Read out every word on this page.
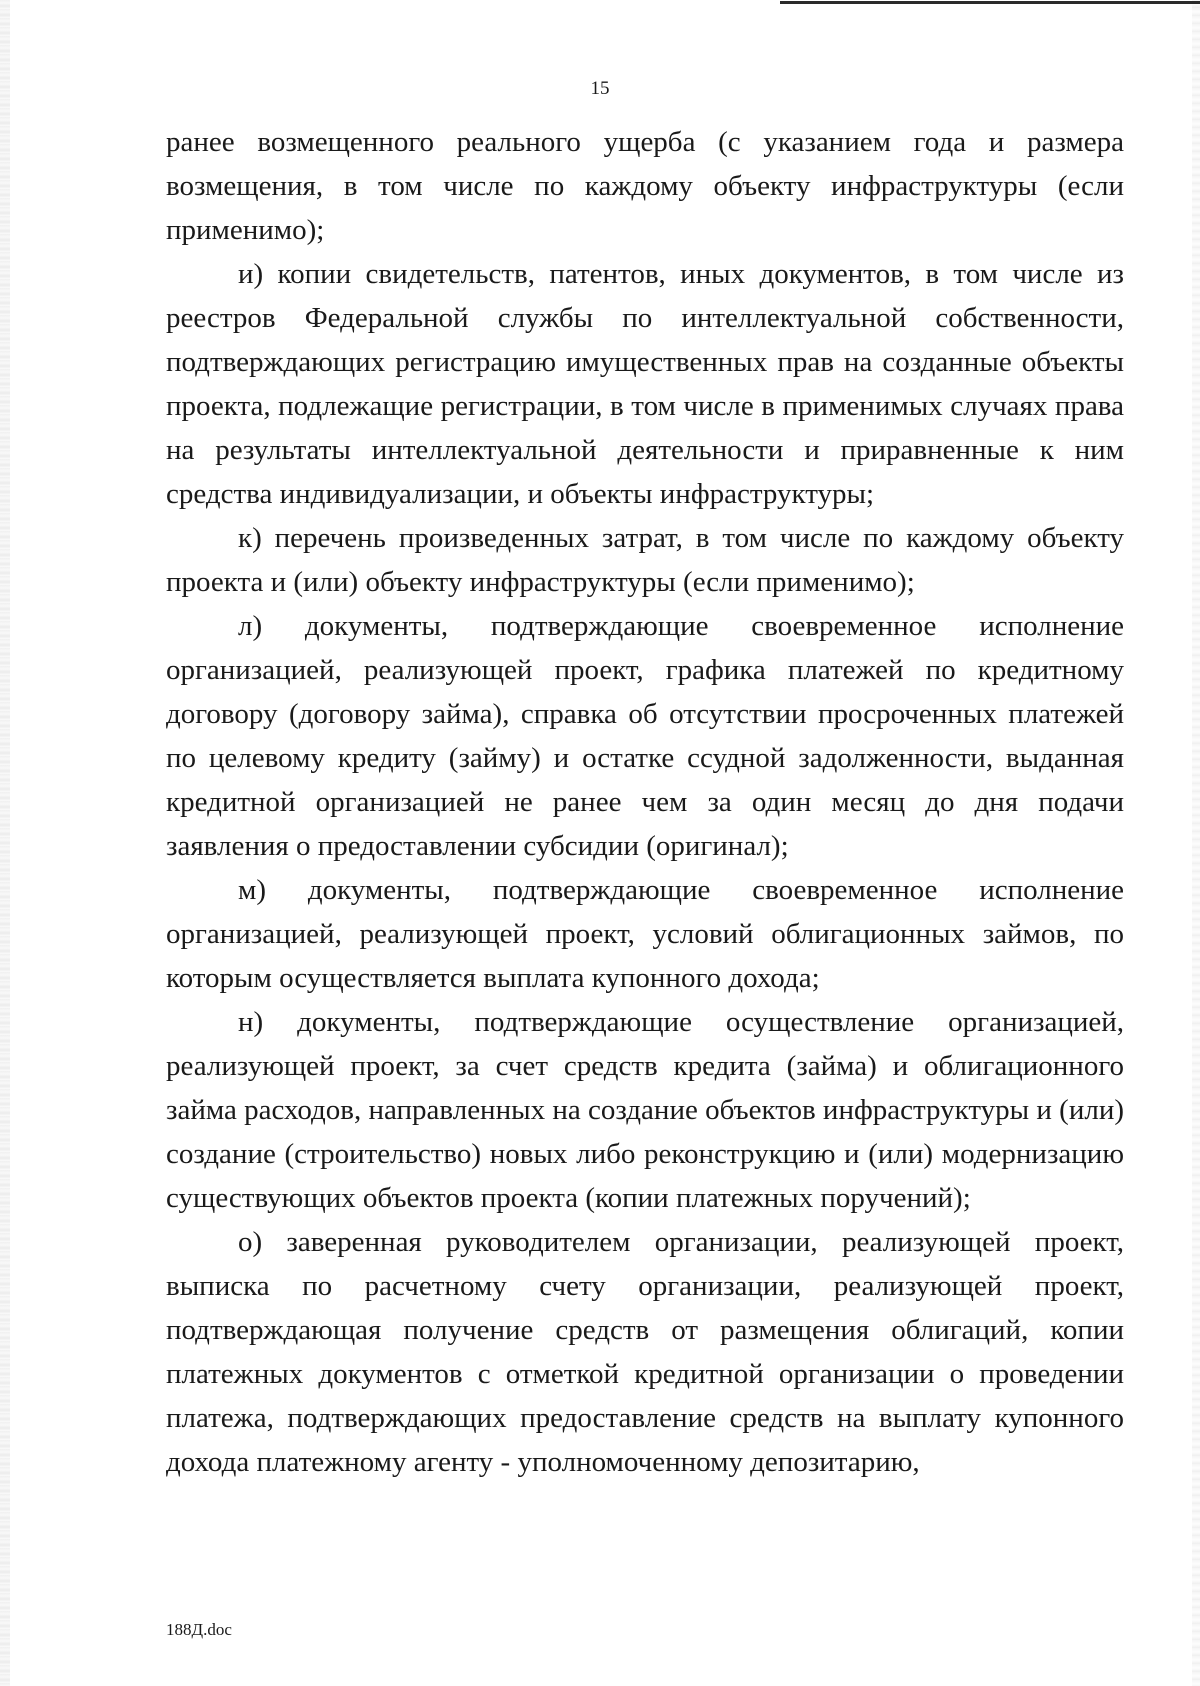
15

ранее возмещенного реального ущерба (с указанием года и размера возмещения, в том числе по каждому объекту инфраструктуры (если применимо);

и) копии свидетельств, патентов, иных документов, в том числе из реестров Федеральной службы по интеллектуальной собственности, подтверждающих регистрацию имущественных прав на созданные объекты проекта, подлежащие регистрации, в том числе в применимых случаях права на результаты интеллектуальной деятельности и приравненные к ним средства индивидуализации, и объекты инфраструктуры;

к) перечень произведенных затрат, в том числе по каждому объекту проекта и (или) объекту инфраструктуры (если применимо);

л) документы, подтверждающие своевременное исполнение организацией, реализующей проект, графика платежей по кредитному договору (договору займа), справка об отсутствии просроченных платежей по целевому кредиту (займу) и остатке ссудной задолженности, выданная кредитной организацией не ранее чем за один месяц до дня подачи заявления о предоставлении субсидии (оригинал);

м) документы, подтверждающие своевременное исполнение организацией, реализующей проект, условий облигационных займов, по которым осуществляется выплата купонного дохода;

н) документы, подтверждающие осуществление организацией, реализующей проект, за счет средств кредита (займа) и облигационного займа расходов, направленных на создание объектов инфраструктуры и (или) создание (строительство) новых либо реконструкцию и (или) модернизацию существующих объектов проекта (копии платежных поручений);

о) заверенная руководителем организации, реализующей проект, выписка по расчетному счету организации, реализующей проект, подтверждающая получение средств от размещения облигаций, копии платежных документов с отметкой кредитной организации о проведении платежа, подтверждающих предоставление средств на выплату купонного дохода платежному агенту - уполномоченному депозитарию,

188Д.doc
